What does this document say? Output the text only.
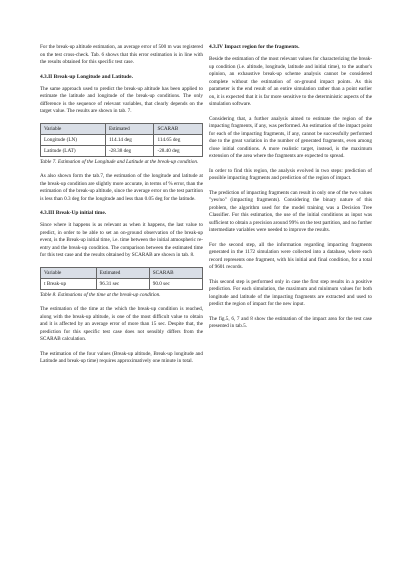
For the break-up altitude estimation, an average error of 500 m was registered on the test cross-check. Tab. 6 shows that this error estimation is in line with the results obtained for this specific test case.

4.3.II Break-up Longitude and Latitude.

The same approach used to predict the break-up altitude has been applied to estimate the latitude and longitude of the break-up conditions. The only difference is the sequence of relevant variables, that clearly depends on the target value. The results are shown in tab. 7.

Variable	Estimated	SCARAB
Longitude (LN)	114.14 deg	114.65 deg
Latitude (LAT)	-28.38 deg	-28.40 deg
Table 7. Estimation of the Longitude and Latitude at the break-up condition.

As also shown form the tab.7, the estimation of the longitude and latitude at the break-up condition are slightly more accurate, in terms of % error, than the estimation of the break-up altitude, since the average error on the test partition is less than 0.3 deg for the longitude and less than 0.05 deg for the latitude.

4.3.III Break-Up initial time.

Since where it happens is as relevant as when it happens, the last value to predict, in order to be able to set an on-ground observation of the break-up event, is the Break-up initial time, i.e. time between the initial atmospheric re-entry and the break-up condition. The comparison between the estimated time for this test case and the results obtained by SCARAB are shown in tab. 8.

Variable	Estimated	SCARAB
t Break-up	96.31 sec	90.0 sec
Table 8. Estimations of the time at the break-up condition.

The estimation of the time at the which the break-up condition is reached, along with the break-up altitude, is one of the most difficult value to obtain and it is affected by an average error of more than 15 sec. Despite that, the prediction for this specific test case does not sensibly differs from the SCARAB calculation.

The estimation of the four values (Break-up altitude, Break-up longitude and Latitude and break-up time) requires approximatively one minute in total.

4.3.IV Impact region for the fragments.

Beside the estimation of the most relevant values for characterizing the break-up condition (i.e. altitude, longitude, latitude and initial time), to the author's opinion, an exhaustive break-up scheme analysis cannot be considered complete without the estimation of on-ground impact points. As this parameter is the end result of an entire simulation rather than a point earlier on, it is expected that it is far more sensitive to the deterministic aspects of the simulation software.

Considering that, a further analysis aimed to estimate the region of the impacting fragments, if any, was performed. An estimation of the impact point for each of the impacting fragments, if any, cannot be successfully performed due to the great variation in the number of generated fragments, even among close initial conditions. A more realistic target, instead, is the maximum extension of the area where the fragments are expected to spread.

In order to find this region, the analysis evolved in two steps: prediction of possible impacting fragments and prediction of the region of impact.

The prediction of impacting fragments can result in only one of the two values "yes/no" (impacting fragments). Considering the binary nature of this problem, the algorithm used for the model training was a Decision Tree Classifier. For this estimation, the use of the initial conditions as input was sufficient to obtain a precision around 99% on the test partition, and no further intermediate variables were needed to improve the results.

For the second step, all the information regarding impacting fragments generated in the 1172 simulation were collected into a database, where each record represents one fragment, with his initial and final condition, for a total of 9601 records.

This second step is performed only in case the first step results in a positive prediction. For each simulation, the maximum and minimum values for both longitude and latitude of the impacting fragments are extracted and used to predict the region of impact for the new input.

The fig.5, 6, 7 and 8 show the estimation of the impact area for the test case presented in tab.5.
